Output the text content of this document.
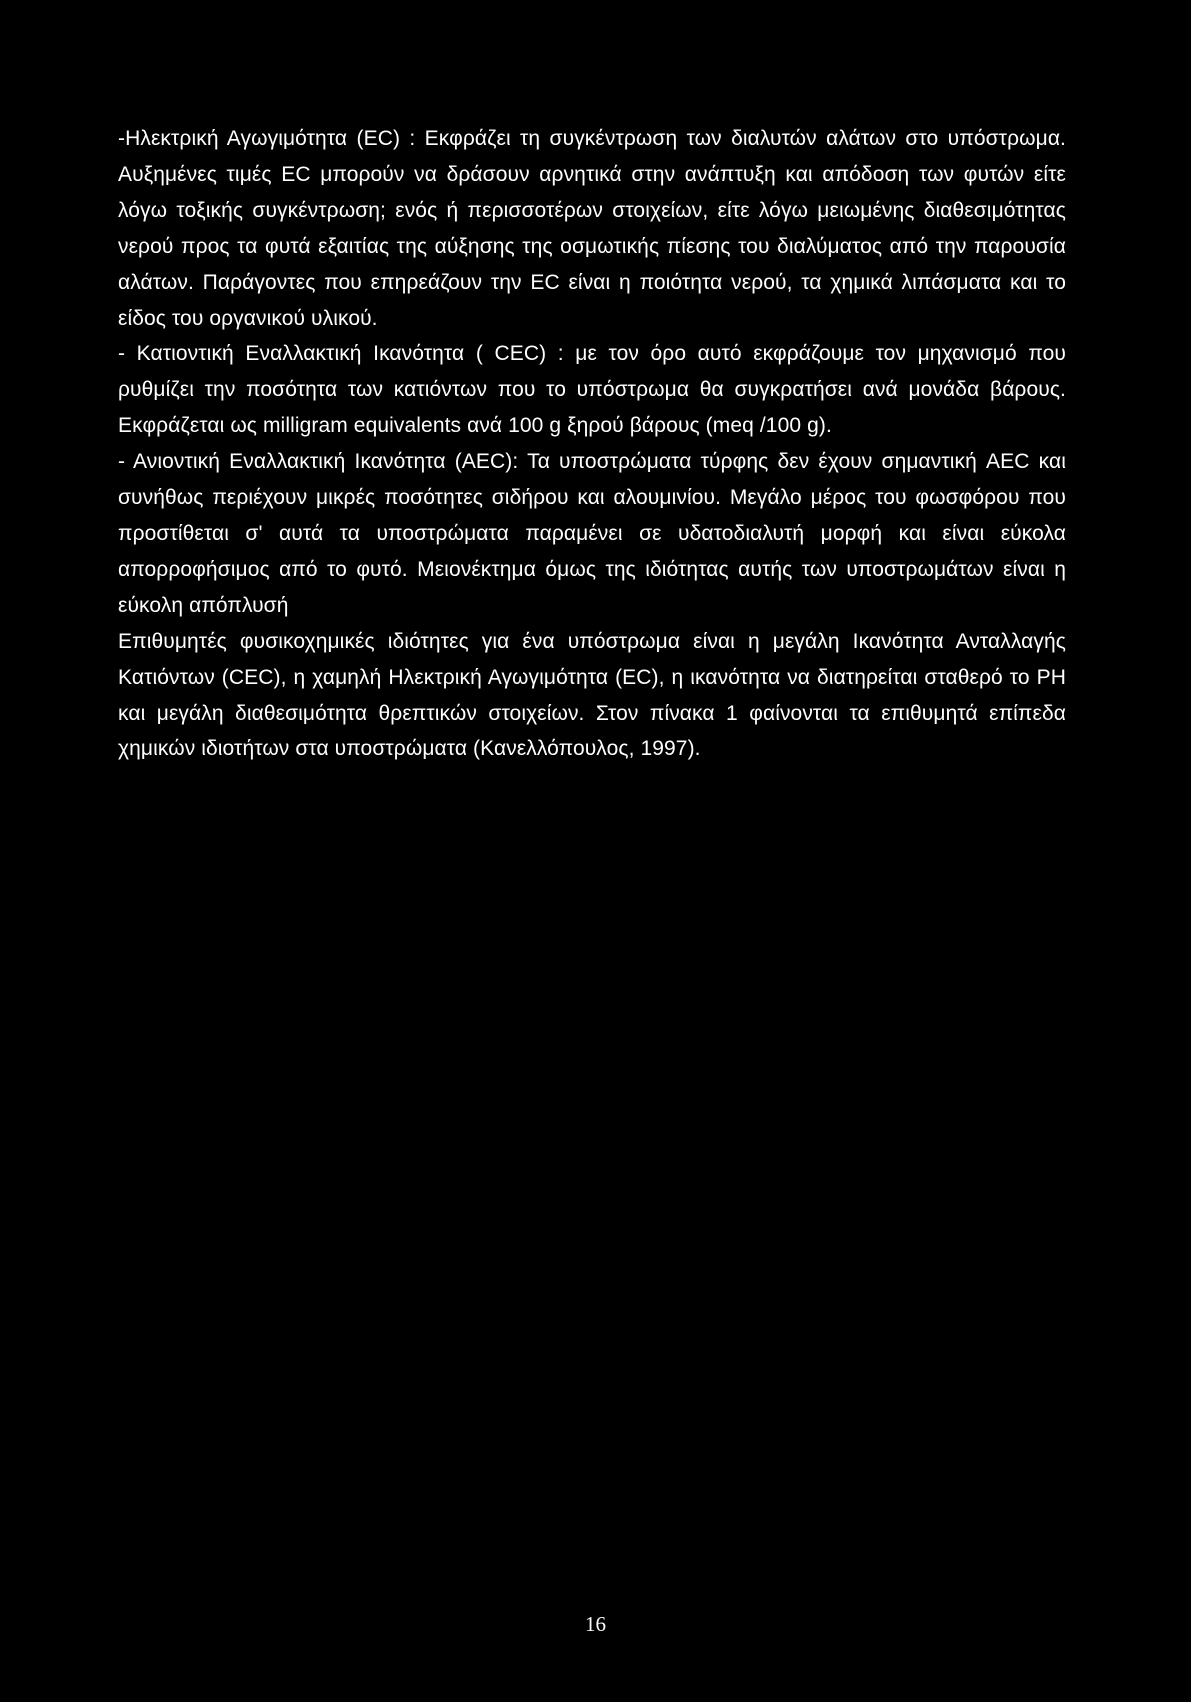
-Ηλεκτρική Αγωγιμότητα (EC) : Εκφράζει τη συγκέντρωση των διαλυτών αλάτων στο υπόστρωμα. Αυξημένες τιμές EC μπορούν να δράσουν αρνητικά στην ανάπτυξη και απόδοση των φυτών είτε λόγω τοξικής συγκέντρωση; ενός ή περισσοτέρων στοιχείων, είτε λόγω μειωμένης διαθεσιμότητας νερού προς τα φυτά εξαιτίας της αύξησης της οσμωτικής πίεσης του διαλύματος από την παρουσία αλάτων. Παράγοντες που επηρεάζουν την EC είναι η ποιότητα νερού, τα χημικά λιπάσματα και το είδος του οργανικού υλικού.

- Κατιοντική Εναλλακτική Ικανότητα ( CEC) : με τον όρο αυτό εκφράζουμε τον μηχανισμό που ρυθμίζει την ποσότητα των κατιόντων που το υπόστρωμα θα συγκρατήσει ανά μονάδα βάρους. Εκφράζεται ως milligram equivalents ανά 100 g ξηρού βάρους (meq /100 g).

- Ανιοντική Εναλλακτική Ικανότητα (AEC): Τα υποστρώματα τύρφης δεν έχουν σημαντική AEC και συνήθως περιέχουν μικρές ποσότητες σιδήρου και αλουμινίου. Μεγάλο μέρος του φωσφόρου που προστίθεται σ' αυτά τα υποστρώματα παραμένει σε υδατοδιαλυτή μορφή και είναι εύκολα απορροφήσιμος από το φυτό. Μειονέκτημα όμως της ιδιότητας αυτής των υποστρωμάτων είναι η εύκολη απόπλυσή

Επιθυμητές φυσικοχημικές ιδιότητες για ένα υπόστρωμα είναι η μεγάλη Ικανότητα Ανταλλαγής Κατιόντων (CEC), η χαμηλή Ηλεκτρική Αγωγιμότητα (EC), η ικανότητα να διατηρείται σταθερό το PH και μεγάλη διαθεσιμότητα θρεπτικών στοιχείων. Στον πίνακα 1 φαίνονται τα επιθυμητά επίπεδα χημικών ιδιοτήτων στα υποστρώματα (Κανελλόπουλος, 1997).

16
